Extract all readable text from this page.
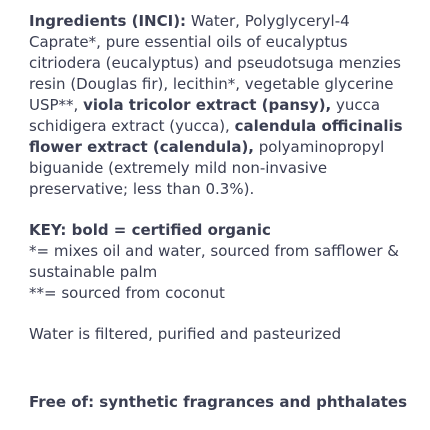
Ingredients (INCI): Water, Polyglyceryl-4 Caprate*, pure essential oils of eucalyptus citriodera (eucalyptus) and pseudotsuga menzies resin (Douglas fir), lecithin*, vegetable glycerine USP**, viola tricolor extract (pansy), yucca schidigera extract (yucca), calendula officinalis flower extract (calendula), polyaminopropyl biguanide (extremely mild non-invasive preservative; less than 0.3%).

KEY: bold = certified organic

*= mixes oil and water, sourced from safflower & sustainable palm

**= sourced from coconut

Water is filtered, purified and pasteurized

Free of: synthetic fragrances and phthalates
